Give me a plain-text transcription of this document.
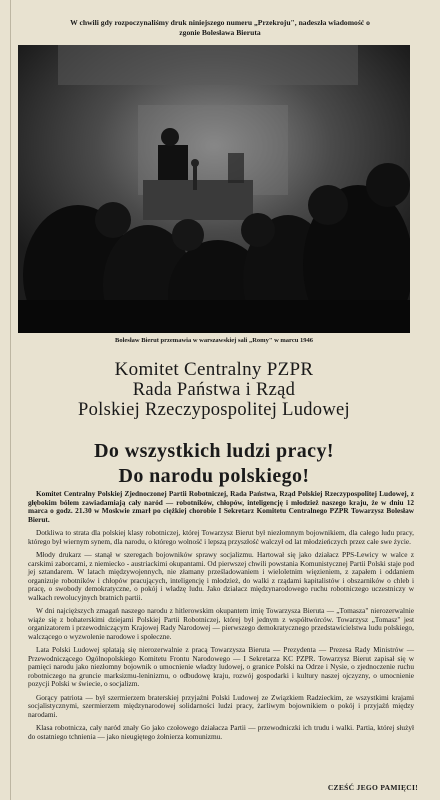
W chwili gdy rozpoczynaliśmy druk niniejszego numeru „Przekroju", nadeszła wiadomość o zgonie Bolesława Bieruta
Bolesław Bierut przemawia w warszawskiej sali „Romy" w marcu 1946
Komitet Centralny PZPR
Rada Państwa i Rząd
Polskiej Rzeczypospolitej Ludowej
Do wszystkich ludzi pracy!
Do narodu polskiego!

Komitet Centralny Polskiej Zjednoczonej Partii Robotniczej, Rada Państwa, Rząd Polskiej Rzeczypospolitej Ludowej, z głębokim bólem zawiadamiają cały naród — robotników, chłopów, inteligencję i młodzież naszego kraju, że w dniu 12 marca o godz. 21.30 w Moskwie zmarł po ciężkiej chorobie I Sekretarz Komitetu Centralnego PZPR Towarzysz Bolesław Bierut.

Dotkliwa to strata dla polskiej klasy robotniczej, której Towarzysz Bierut był niezłomnym bojownikiem, dla całego ludu pracy, którego był wiernym synem, dla narodu, o którego wolność i lepszą przyszłość walczył od lat młodzieńczych przez całe swe życie.

Młody drukarz — stanął w szeregach bojowników sprawy socjalizmu. Hartował się jako działacz PPS-Lewicy w walce z carskimi zaborcami, z niemiecko - austriackimi okupantami. Od pierwszej chwili powstania Komunistycznej Partii Polski staje pod jej sztandarem. W latach międzywojennych, nie złamany prześladowaniem i wieloletnim więzieniem, z zapałem i oddaniem organizuje robotników i chłopów pracujących, inteligencję i młodzież, do walki z rządami kapitalistów i obszarników o chleb i pracę, o swobody demokratyczne, o pokój i władzę ludu. Jako działacz międzynarodowego ruchu robotniczego uczestniczy w walkach rewolucyjnych bratnich partii.

W dni najcięższych zmagań naszego narodu z hitlerowskim okupantem imię Towarzysza Bieruta — „Tomasza" nierozerwalnie wiąże się z bohaterskimi dziejami Polskiej Partii Robotniczej, której był jednym z współtwórców. Towarzysz „Tomasz" jest organizatorem i przewodniczącym Krajowej Rady Narodowej — pierwszego demokratycznego przedstawicielstwa ludu polskiego, walczącego o wyzwolenie narodowe i społeczne.

Lata Polski Ludowej splatają się nierozerwalnie z pracą Towarzysza Bieruta — Prezydenta — Prezesa Rady Ministrów — Przewodniczącego Ogólnopolskiego Komitetu Frontu Narodowego — I Sekretarza KC PZPR. Towarzysz Bierut zapisał się w pamięci narodu jako niezłomny bojownik o umocnienie władzy ludowej, o granice Polski na Odrze i Nysie, o zjednoczenie ruchu robotniczego na gruncie marksizmu-leninizmu, o odbudowę kraju, rozwój gospodarki i kultury naszej ojczyzny, o umocnienie pozycji Polski w świecie, o socjalizm.

Gorący patriota — był szermierzem braterskiej przyjaźni Polski Ludowej ze Związkiem Radzieckim, ze wszystkimi krajami socjalistycznymi, szermierzem międzynarodowej solidarności ludzi pracy, żarliwym bojownikiem o pokój i przyjaźń między narodami.

Klasa robotnicza, cały naród znały Go jako czołowego działacza Partii — przewodniczki ich trudu i walki. Partia, której służył do ostatniego tchnienia — jako nieugiętego żołnierza komunizmu.

CZEŚĆ JEGO PAMIĘCI!
